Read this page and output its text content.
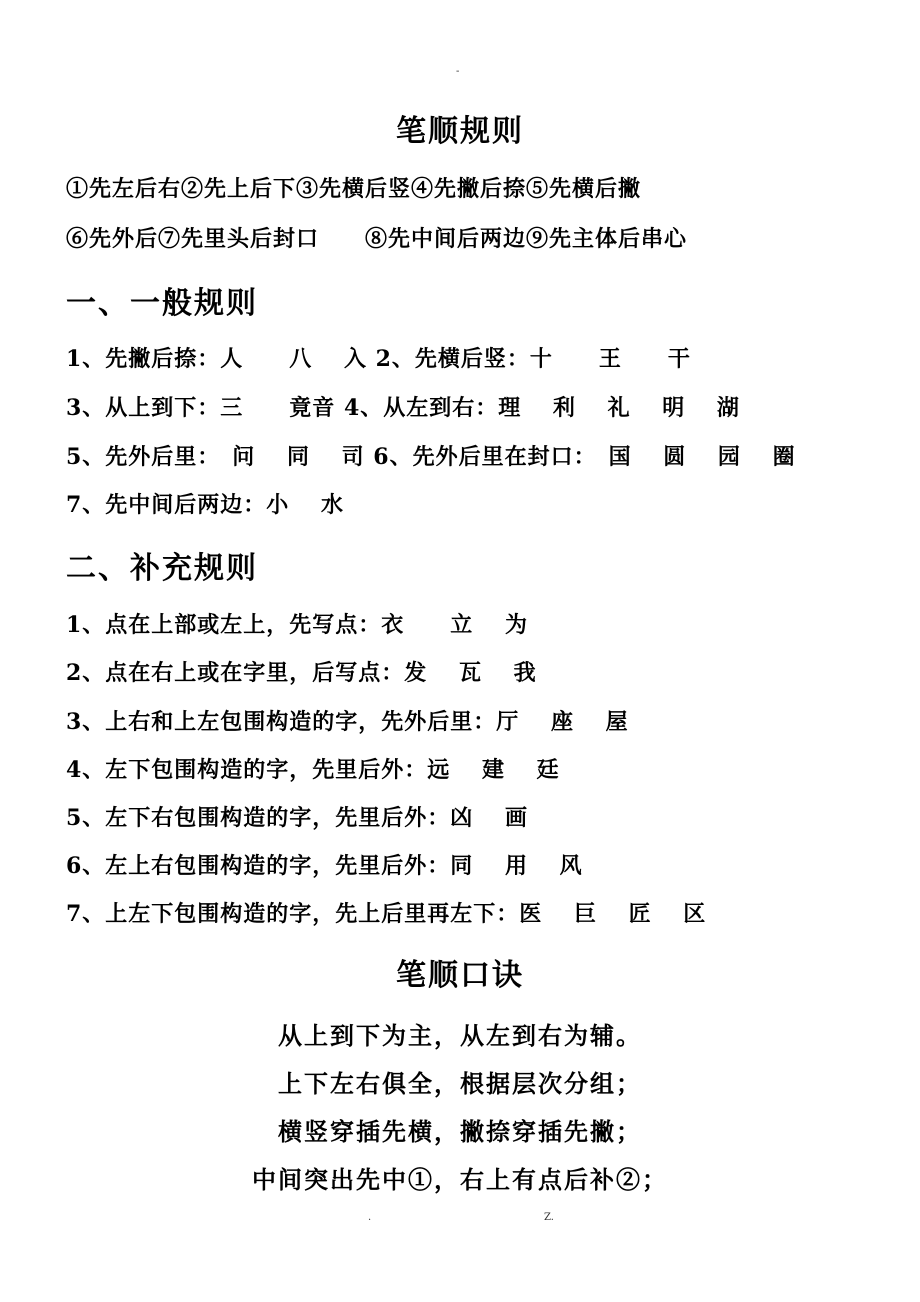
-
笔顺规则
①先左后右②先上后下③先横后竖④先撇后捺⑤先横后撇
⑥先外后⑦先里头后封口　　⑧先中间后两边⑨先主体后串心
一、一般规则
1、先撇后捺：人　　八　 入 2、先横后竖：十　　王　　干
3、从上到下：三　　竟音 4、从左到右：理　 利　 礼　 明　 湖
5、先外后里：　问　 同　 司 6、先外后里在封口：　国　 圆　 园　 圈
7、先中间后两边：小　 水
二、补充规则
1、点在上部或左上，先写点：衣　　立　 为
2、点在右上或在字里，后写点：发　 瓦　 我
3、上右和上左包围构造的字，先外后里：厅　 座　 屋
4、左下包围构造的字，先里后外：远　 建　 廷
5、左下右包围构造的字，先里后外：凶　 画
6、左上右包围构造的字，先里后外：同　 用　 风
7、上左下包围构造的字，先上后里再左下：医　 巨　 匠　 区
笔顺口诀
从上到下为主，从左到右为辅。
上下左右俱全，根据层次分组；
横竖穿插先横，撇捺穿插先撇；
中间突出先中①，右上有点后补②；
.	Z.
